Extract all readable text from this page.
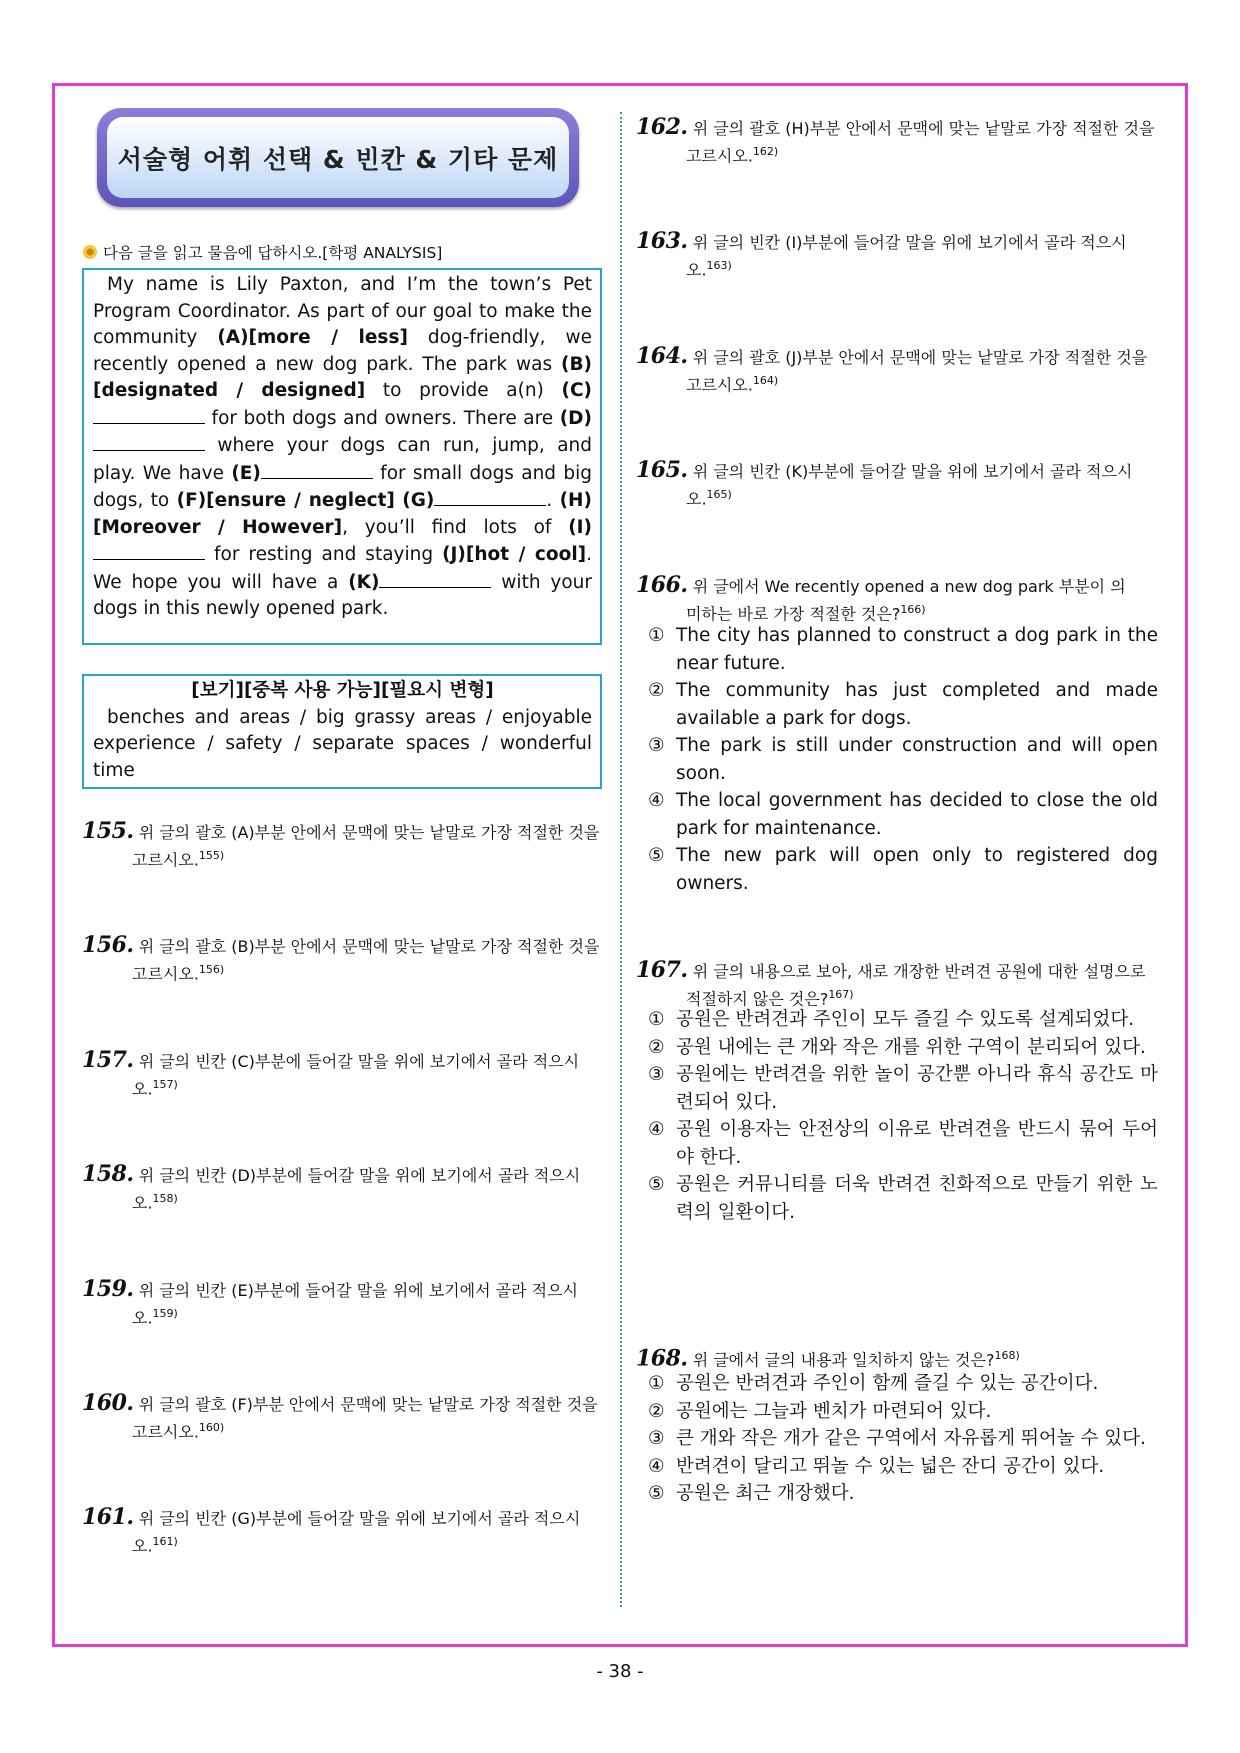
서술형 어휘 선택 & 빈칸 & 기타 문제
다음 글을 읽고 물음에 답하시오.[학평 ANALYSIS]
My name is Lily Paxton, and I’m the town’s Pet Program Coordinator. As part of our goal to make the community (A)[more / less] dog-friendly, we recently opened a new dog park. The park was (B)[designated / designed] to provide a(n) (C) for both dogs and owners. There are (D) where your dogs can run, jump, and play. We have (E)	for small dogs and big dogs, to (F)[ensure / neglect] (G)	. (H)[Moreover / However], you’ll find lots of (I) for resting and staying (J)[hot / cool]. We hope you will have a (K)	with your dogs in this newly opened park.
[보기][중복 사용 가능][필요시 변형]
benches and areas / big grassy areas / enjoyable experience / safety / separate spaces / wonderful time
155. 위 글의 괄호 (A)부분 안에서 문맥에 맞는 낱말로 가장 적절한 것을
고르시오.$^{155)}$
156. 위 글의 괄호 (B)부분 안에서 문맥에 맞는 낱말로 가장 적절한 것을
고르시오.$^{156)}$
157. 위 글의 빈칸 (C)부분에 들어갈 말을 위에 보기에서 골라 적으시
오.$^{157)}$
158. 위 글의 빈칸 (D)부분에 들어갈 말을 위에 보기에서 골라 적으시
오.$^{158)}$
159. 위 글의 빈칸 (E)부분에 들어갈 말을 위에 보기에서 골라 적으시
오.$^{159)}$
160. 위 글의 괄호 (F)부분 안에서 문맥에 맞는 낱말로 가장 적절한 것을
고르시오.$^{160)}$
161. 위 글의 빈칸 (G)부분에 들어갈 말을 위에 보기에서 골라 적으시
오.$^{161)}$
162. 위 글의 괄호 (H)부분 안에서 문맥에 맞는 낱말로 가장 적절한 것을
고르시오.$^{162)}$
163. 위 글의 빈칸 (I)부분에 들어갈 말을 위에 보기에서 골라 적으시
오.$^{163)}$
164. 위 글의 괄호 (J)부분 안에서 문맥에 맞는 낱말로 가장 적절한 것을
고르시오.$^{164)}$
165. 위 글의 빈칸 (K)부분에 들어갈 말을 위에 보기에서 골라 적으시
오.$^{165)}$
166. 위 글에서 We recently opened a new dog park 부분이 의
미하는 바로 가장 적절한 것은?$^{166)}$
① The city has planned to construct a dog park in the near future.
② The community has just completed and made available a park for dogs.
③ The park is still under construction and will open soon.
④ The local government has decided to close the old park for maintenance.
⑤ The new park will open only to registered dog owners.
167. 위 글의 내용으로 보아, 새로 개장한 반려견 공원에 대한 설명으로
적절하지 않은 것은?$^{167)}$
① 공원은 반려견과 주인이 모두 즐길 수 있도록 설계되었다.
② 공원 내에는 큰 개와 작은 개를 위한 구역이 분리되어 있다.
③ 공원에는 반려견을 위한 놀이 공간뿐 아니라 휴식 공간도 마련되어 있다.
④ 공원 이용자는 안전상의 이유로 반려견을 반드시 묶어 두어야 한다.
⑤ 공원은 커뮤니티를 더욱 반려견 친화적으로 만들기 위한 노력의 일환이다.
168. 위 글에서 글의 내용과 일치하지 않는 것은?$^{168)}$
① 공원은 반려견과 주인이 함께 즐길 수 있는 공간이다.
② 공원에는 그늘과 벤치가 마련되어 있다.
③ 큰 개와 작은 개가 같은 구역에서 자유롭게 뛰어놀 수 있다.
④ 반려견이 달리고 뛰놀 수 있는 넓은 잔디 공간이 있다.
⑤ 공원은 최근 개장했다.
- 38 -
